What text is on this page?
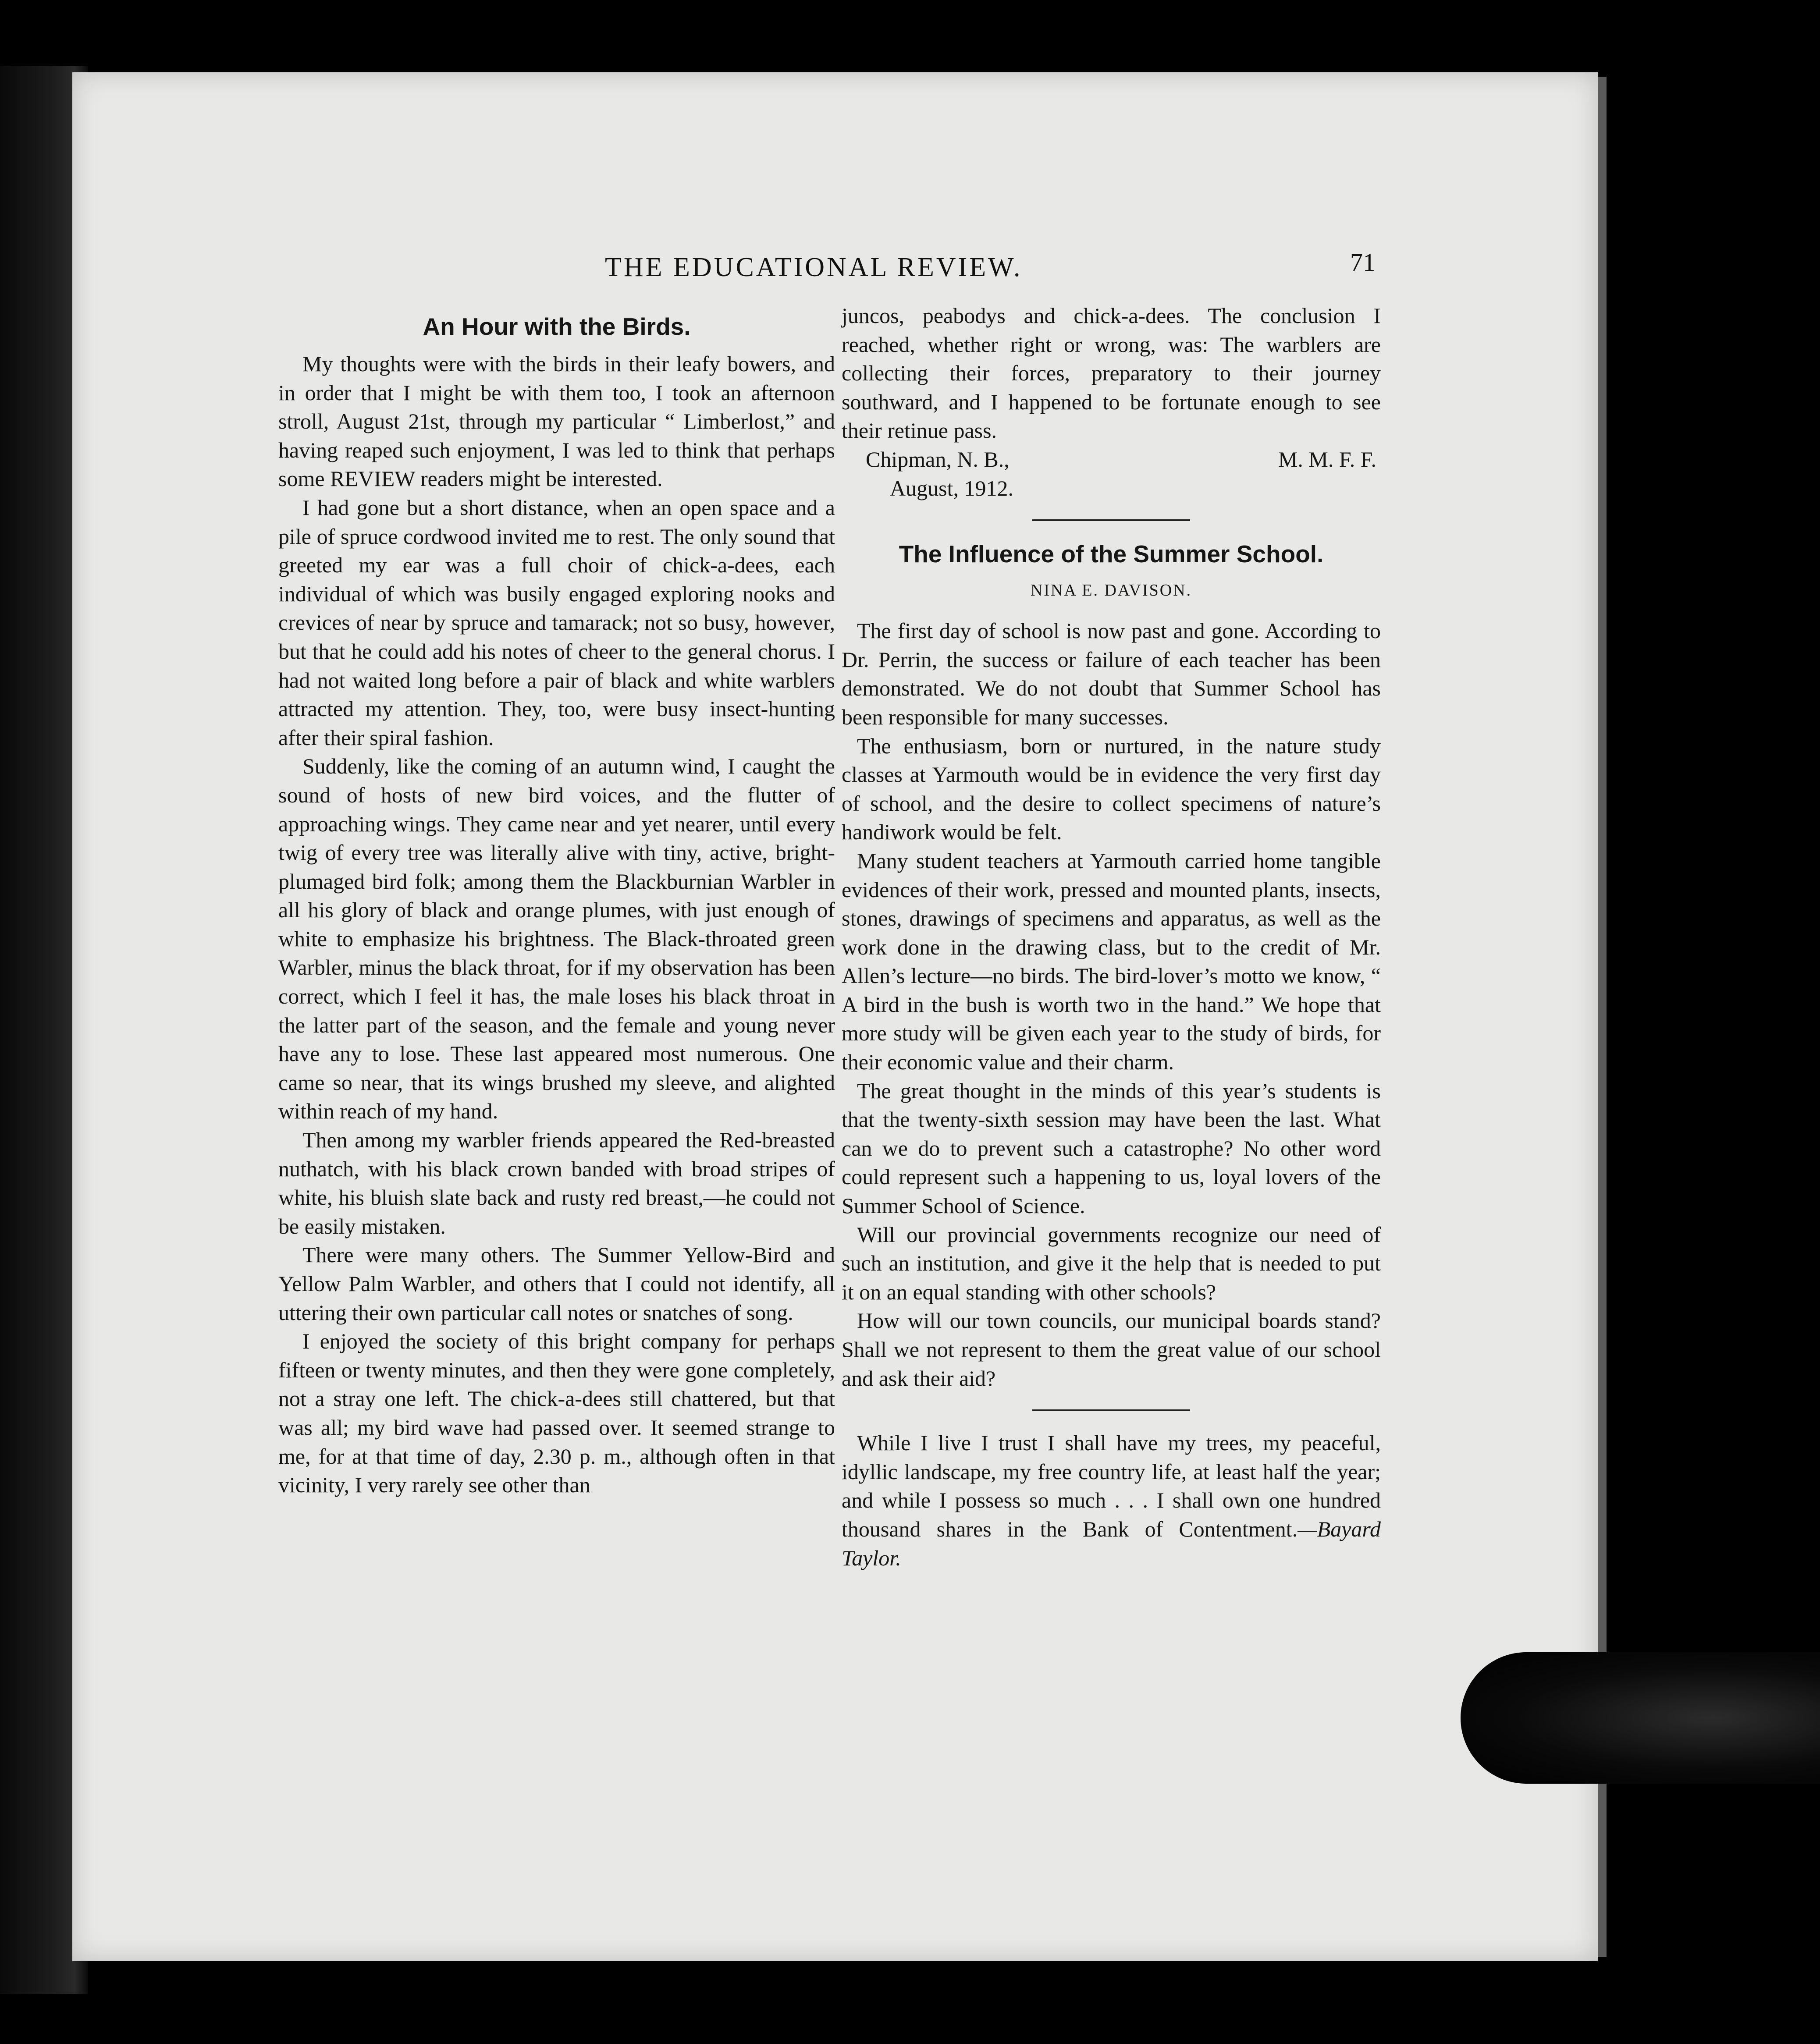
THE EDUCATIONAL REVIEW.	71
An Hour with the Birds.

My thoughts were with the birds in their leafy bowers, and in order that I might be with them too, I took an afternoon stroll, August 21st, through my particular “ Limberlost,” and having reaped such enjoyment, I was led to think that perhaps some REVIEW readers might be interested.

I had gone but a short distance, when an open space and a pile of spruce cordwood invited me to rest. The only sound that greeted my ear was a full choir of chick-a-dees, each individual of which was busily engaged exploring nooks and crevices of near by spruce and tamarack; not so busy, however, but that he could add his notes of cheer to the general chorus. I had not waited long before a pair of black and white warblers attracted my attention. They, too, were busy insect-hunting after their spiral fashion.

Suddenly, like the coming of an autumn wind, I caught the sound of hosts of new bird voices, and the flutter of approaching wings. They came near and yet nearer, until every twig of every tree was literally alive with tiny, active, bright-plumaged bird folk; among them the Blackburnian Warbler in all his glory of black and orange plumes, with just enough of white to emphasize his brightness. The Black-throated green Warbler, minus the black throat, for if my observation has been correct, which I feel it has, the male loses his black throat in the latter part of the season, and the female and young never have any to lose. These last appeared most numerous. One came so near, that its wings brushed my sleeve, and alighted within reach of my hand.

Then among my warbler friends appeared the Red-breasted nuthatch, with his black crown banded with broad stripes of white, his bluish slate back and rusty red breast,—he could not be easily mistaken.

There were many others. The Summer Yellow-Bird and Yellow Palm Warbler, and others that I could not identify, all uttering their own particular call notes or snatches of song.

I enjoyed the society of this bright company for perhaps fifteen or twenty minutes, and then they were gone completely, not a stray one left. The chick-a-dees still chattered, but that was all; my bird wave had passed over. It seemed strange to me, for at that time of day, 2.30 p. m., although often in that vicinity, I very rarely see other than

juncos, peabodys and chick-a-dees. The conclusion I reached, whether right or wrong, was: The warblers are collecting their forces, preparatory to their journey southward, and I happened to be fortunate enough to see their retinue pass.

Chipman, N. B.,	M. M. F. F.
August, 1912.
The Influence of the Summer School.
NINA E. DAVISON.

The first day of school is now past and gone. According to Dr. Perrin, the success or failure of each teacher has been demonstrated. We do not doubt that Summer School has been responsible for many successes.

The enthusiasm, born or nurtured, in the nature study classes at Yarmouth would be in evidence the very first day of school, and the desire to collect specimens of nature’s handiwork would be felt.

Many student teachers at Yarmouth carried home tangible evidences of their work, pressed and mounted plants, insects, stones, drawings of specimens and apparatus, as well as the work done in the drawing class, but to the credit of Mr. Allen’s lecture—no birds. The bird-lover’s motto we know, “ A bird in the bush is worth two in the hand.” We hope that more study will be given each year to the study of birds, for their economic value and their charm.

The great thought in the minds of this year’s students is that the twenty-sixth session may have been the last. What can we do to prevent such a catastrophe? No other word could represent such a happening to us, loyal lovers of the Summer School of Science.

Will our provincial governments recognize our need of such an institution, and give it the help that is needed to put it on an equal standing with other schools?

How will our town councils, our municipal boards stand? Shall we not represent to them the great value of our school and ask their aid?

While I live I trust I shall have my trees, my peaceful, idyllic landscape, my free country life, at least half the year; and while I possess so much . . . I shall own one hundred thousand shares in the Bank of Contentment.—Bayard Taylor.
